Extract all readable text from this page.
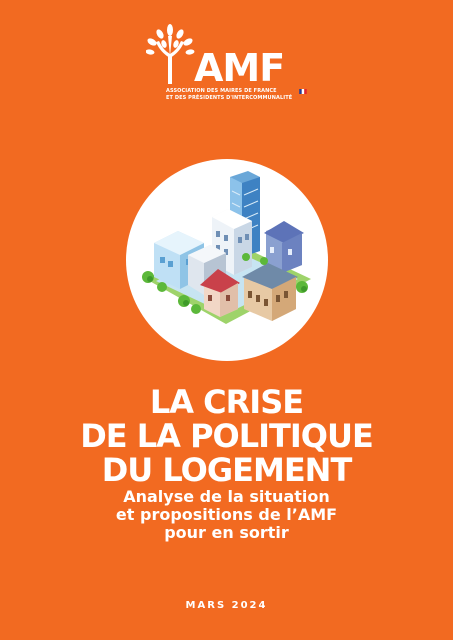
AMF
ASSOCIATION DES MAIRES DE FRANCE
ET DES PRÉSIDENTS D'INTERCOMMUNALITÉ
LA CRISE
DE LA POLITIQUE
DU LOGEMENT
Analyse de la situation
et propositions de l’AMF
pour en sortir
MARS 2024
